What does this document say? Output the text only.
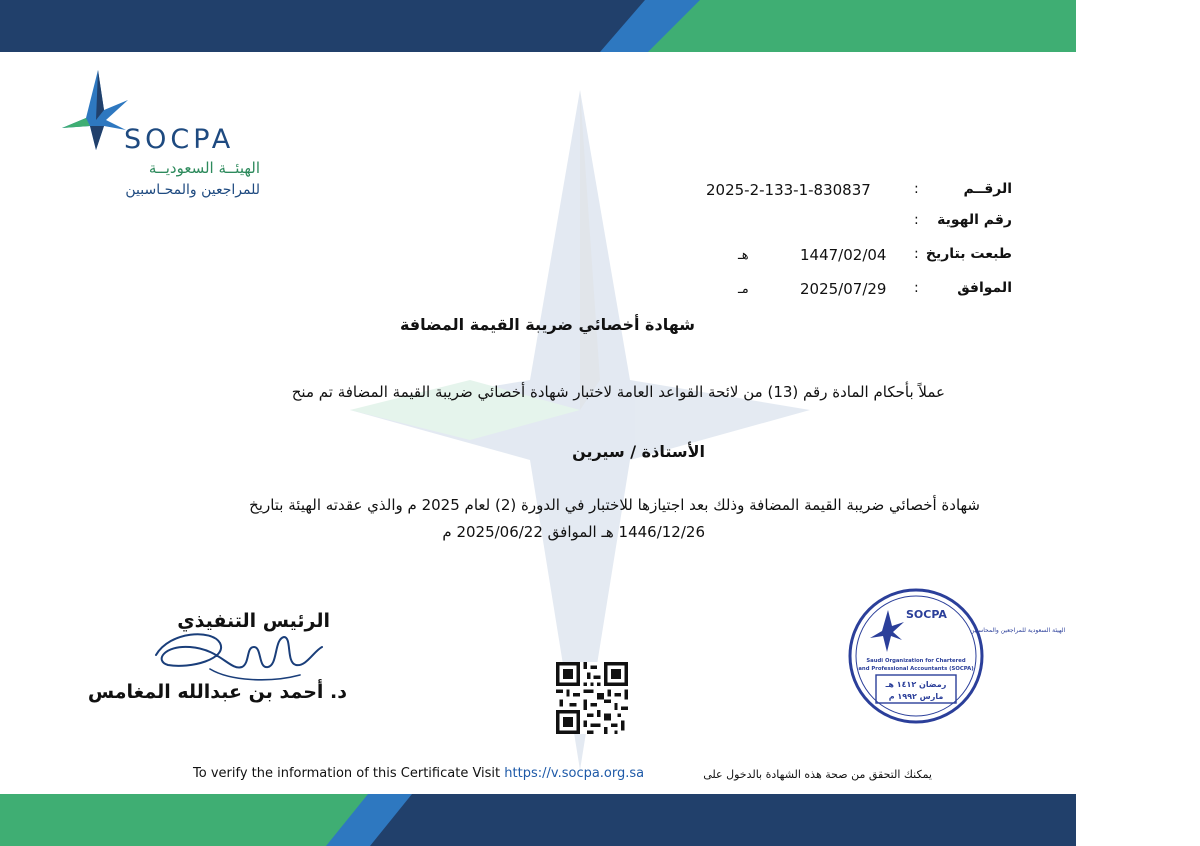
SOCPA
الهيئــة السعوديــة
للمراجعين والمحـاسبين	الرقــم
:
2025-2-133-1-830837
رقم الهوية
:
طبعت بتاريخ
:
1447/02/04
هـ
الموافق
:
2025/07/29
مـ
شهادة أخصائي ضريبة القيمة المضافة
عملاً بأحكام المادة رقم (13) من لائحة القواعد العامة لاختبار شهادة أخصائي ضريبة القيمة المضافة تم منح
الأستاذة / سيرين
شهادة أخصائي ضريبة القيمة المضافة وذلك بعد اجتيازها للاختبار في الدورة (2) لعام 2025 م والذي عقدته الهيئة بتاريخ
1446/12/26 هـ الموافق 2025/06/22 م
الرئيس التنفيذي
د. أحمد بن عبدالله المغامس
SOCPA
الهيئة السعودية للمراجعين والمحاسبين
Saudi Organization for Chartered
and Professional Accountants (SOCPA)
رمضان ١٤١٢ هـ
مارس ١٩٩٢ م
To verify the information of this Certificate Visit https://v.socpa.org.sa	يمكنك التحقق من صحة هذه الشهادة بالدخول على
